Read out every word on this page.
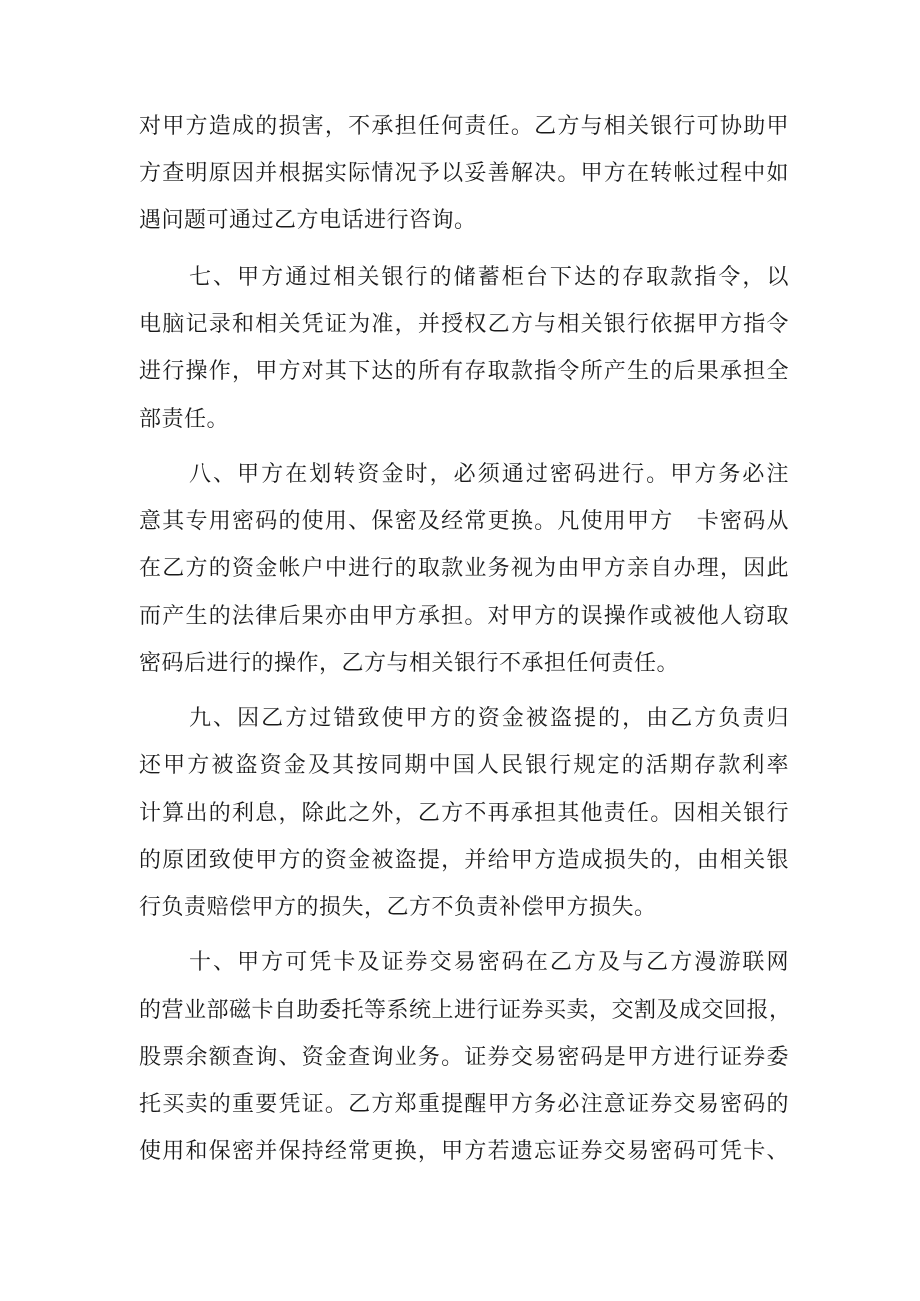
对甲方造成的损害，不承担任何责任。乙方与相关银行可协助甲
方查明原因并根据实际情况予以妥善解决。甲方在转帐过程中如
遇问题可通过乙方电话进行咨询。
七、甲方通过相关银行的储蓄柜台下达的存取款指令，以
电脑记录和相关凭证为准，并授权乙方与相关银行依据甲方指令
进行操作，甲方对其下达的所有存取款指令所产生的后果承担全
部责任。
八、甲方在划转资金时，必须通过密码进行。甲方务必注
意其专用密码的使用、保密及经常更换。凡使用甲方　卡密码从
在乙方的资金帐户中进行的取款业务视为由甲方亲自办理，因此
而产生的法律后果亦由甲方承担。对甲方的误操作或被他人窃取
密码后进行的操作，乙方与相关银行不承担任何责任。
九、因乙方过错致使甲方的资金被盗提的，由乙方负责归
还甲方被盗资金及其按同期中国人民银行规定的活期存款利率
计算出的利息，除此之外，乙方不再承担其他责任。因相关银行
的原团致使甲方的资金被盗提，并给甲方造成损失的，由相关银
行负责赔偿甲方的损失，乙方不负责补偿甲方损失。
十、甲方可凭卡及证券交易密码在乙方及与乙方漫游联网
的营业部磁卡自助委托等系统上进行证券买卖，交割及成交回报，
股票余额查询、资金查询业务。证券交易密码是甲方进行证券委
托买卖的重要凭证。乙方郑重提醒甲方务必注意证券交易密码的
使用和保密并保持经常更换，甲方若遗忘证券交易密码可凭卡、
